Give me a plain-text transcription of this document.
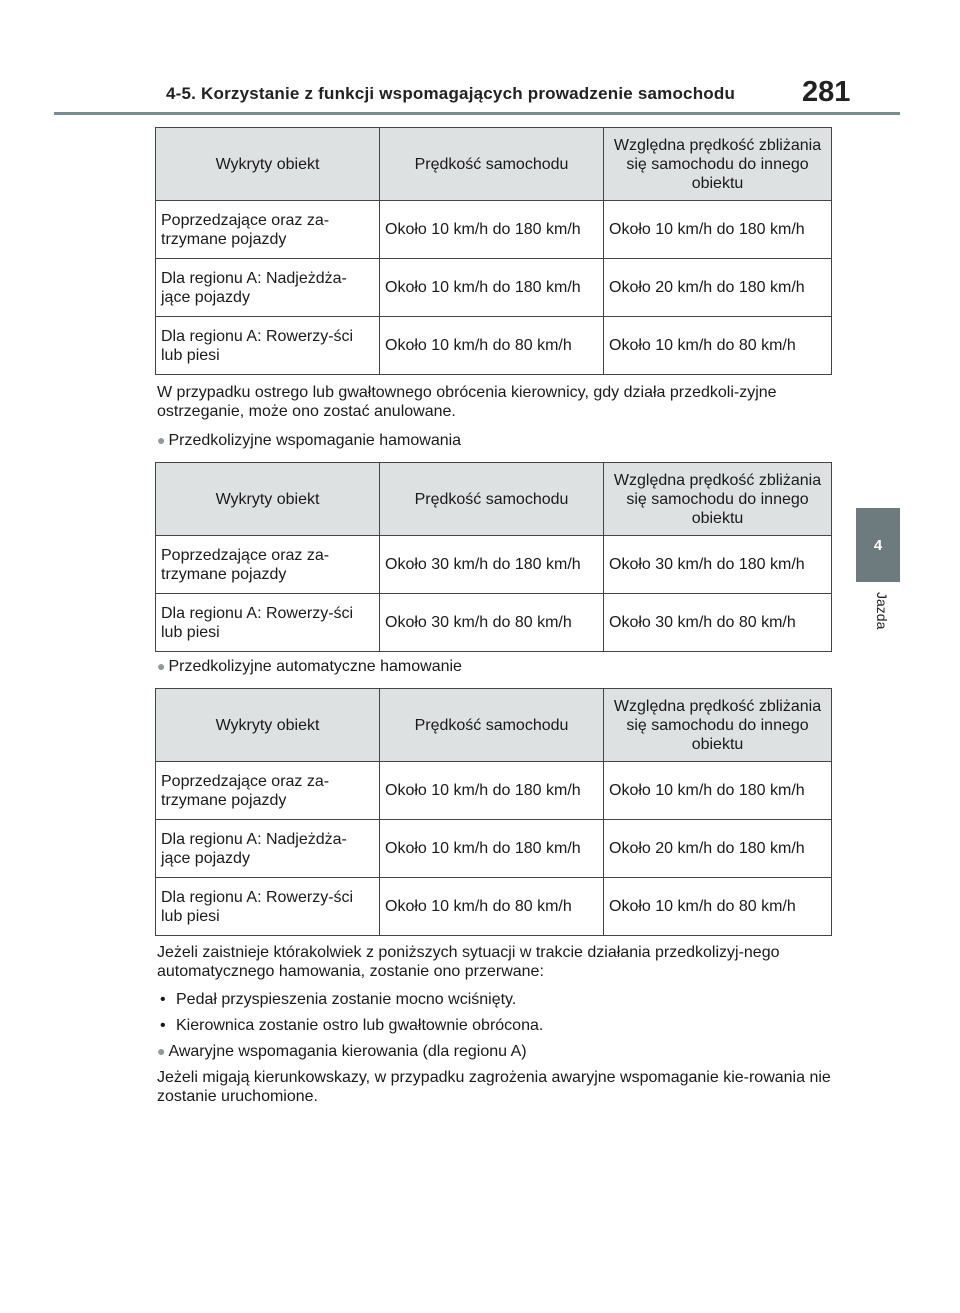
4-5. Korzystanie z funkcji wspomagających prowadzenie samochodu 281
4
Jazda
Wykryty obiekt	Prędkość samochodu	Względna prędkość zbliżania się samochodu do innego obiektu
Poprzedzające oraz za-trzymane pojazdy	Około 10 km/h do 180 km/h	Około 10 km/h do 180 km/h
Dla regionu A: Nadjeżdża-jące pojazdy	Około 10 km/h do 180 km/h	Około 20 km/h do 180 km/h
Dla regionu A: Rowerzy-ści lub piesi	Około 10 km/h do 80 km/h	Około 10 km/h do 80 km/h

W przypadku ostrego lub gwałtownego obrócenia kierownicy, gdy działa przedkoli-zyjne ostrzeganie, może ono zostać anulowane.

● Przedkolizyjne wspomaganie hamowania
Wykryty obiekt	Prędkość samochodu	Względna prędkość zbliżania się samochodu do innego obiektu
Poprzedzające oraz za-trzymane pojazdy	Około 30 km/h do 180 km/h	Około 30 km/h do 180 km/h
Dla regionu A: Rowerzy-ści lub piesi	Około 30 km/h do 80 km/h	Około 30 km/h do 80 km/h
● Przedkolizyjne automatyczne hamowanie
Wykryty obiekt	Prędkość samochodu	Względna prędkość zbliżania się samochodu do innego obiektu
Poprzedzające oraz za-trzymane pojazdy	Około 10 km/h do 180 km/h	Około 10 km/h do 180 km/h
Dla regionu A: Nadjeżdża-jące pojazdy	Około 10 km/h do 180 km/h	Około 20 km/h do 180 km/h
Dla regionu A: Rowerzy-ści lub piesi	Około 10 km/h do 80 km/h	Około 10 km/h do 80 km/h

Jeżeli zaistnieje którakolwiek z poniższych sytuacji w trakcie działania przedkolizyj-nego automatycznego hamowania, zostanie ono przerwane:

• Pedał przyspieszenia zostanie mocno wciśnięty.
• Kierownica zostanie ostro lub gwałtownie obrócona.
● Awaryjne wspomagania kierowania (dla regionu A)

Jeżeli migają kierunkowskazy, w przypadku zagrożenia awaryjne wspomaganie kie-rowania nie zostanie uruchomione.
